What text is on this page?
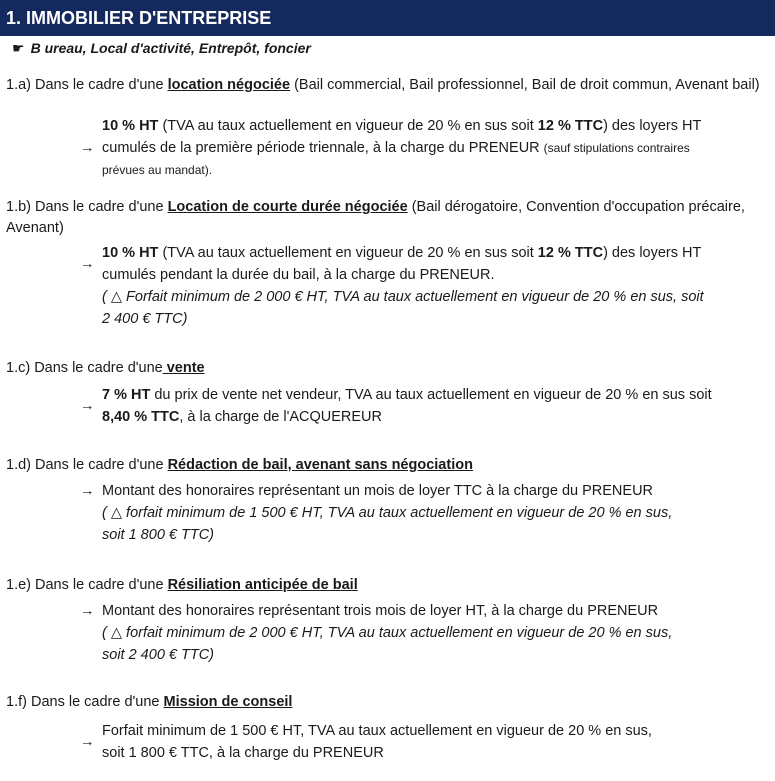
1. IMMOBILIER D'ENTREPRISE
☛ B ureau, Local d'activité, Entrepôt, foncier
1.a) Dans le cadre d'une location négociée (Bail commercial, Bail professionnel, Bail de droit commun, Avenant bail)
→
10 % HT (TVA au taux actuellement en vigueur de 20 % en sus soit 12 % TTC) des loyers HT
cumulés de la première période triennale, à la charge du PRENEUR (sauf stipulations contraires
prévues au mandat).
1.b) Dans le cadre d'une Location de courte durée négociée (Bail dérogatoire, Convention d'occupation précaire, Avenant)
→
10 % HT (TVA au taux actuellement en vigueur de 20 % en sus soit 12 % TTC) des loyers HT
cumulés pendant la durée du bail, à la charge du PRENEUR.
( △ Forfait minimum de 2 000 € HT, TVA au taux actuellement en vigueur de 20 % en sus, soit
2 400 € TTC)
1.c) Dans le cadre d'une vente
→
7 % HT du prix de vente net vendeur, TVA au taux actuellement en vigueur de 20 % en sus soit
8,40 % TTC, à la charge de l'ACQUEREUR
1.d) Dans le cadre d'une Rédaction de bail, avenant sans négociation
→ Montant des honoraires représentant un mois de loyer TTC à la charge du PRENEUR
( △ forfait minimum de 1 500 € HT, TVA au taux actuellement en vigueur de 20 % en sus,
soit 1 800 € TTC)
1.e) Dans le cadre d'une Résiliation anticipée de bail
→ Montant des honoraires représentant trois mois de loyer HT, à la charge du PRENEUR
( △ forfait minimum de 2 000 € HT, TVA au taux actuellement en vigueur de 20 % en sus,
soit 2 400 € TTC)
1.f) Dans le cadre d'une Mission de conseil
→
Forfait minimum de 1 500 € HT, TVA au taux actuellement en vigueur de 20 % en sus,
soit 1 800 € TTC, à la charge du PRENEUR
